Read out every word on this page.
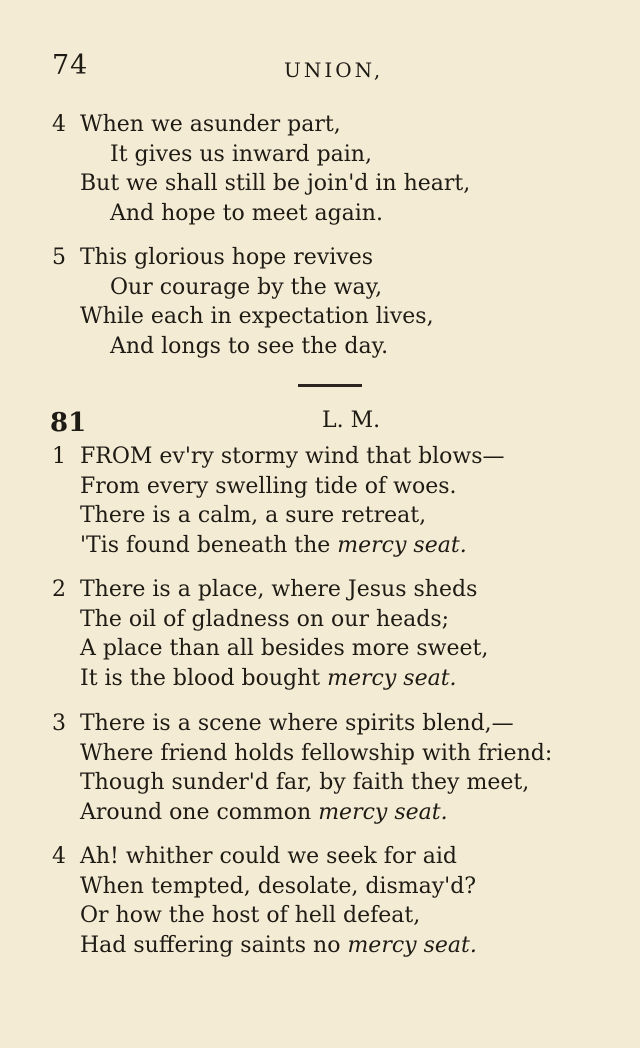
74	UNION,
4 When we asunder part,
It gives us inward pain,
But we shall still be join'd in heart,
And hope to meet again.
5 This glorious hope revives
Our courage by the way,
While each in expectation lives,
And longs to see the day.
81	L. M.
1 FROM ev'ry stormy wind that blows—
From every swelling tide of woes.
There is a calm, a sure retreat,
'Tis found beneath the mercy seat.
2 There is a place, where Jesus sheds
The oil of gladness on our heads;
A place than all besides more sweet,
It is the blood bought mercy seat.
3 There is a scene where spirits blend,—
Where friend holds fellowship with friend:
Though sunder'd far, by faith they meet,
Around one common mercy seat.
4 Ah! whither could we seek for aid
When tempted, desolate, dismay'd?
Or how the host of hell defeat,
Had suffering saints no mercy seat.
